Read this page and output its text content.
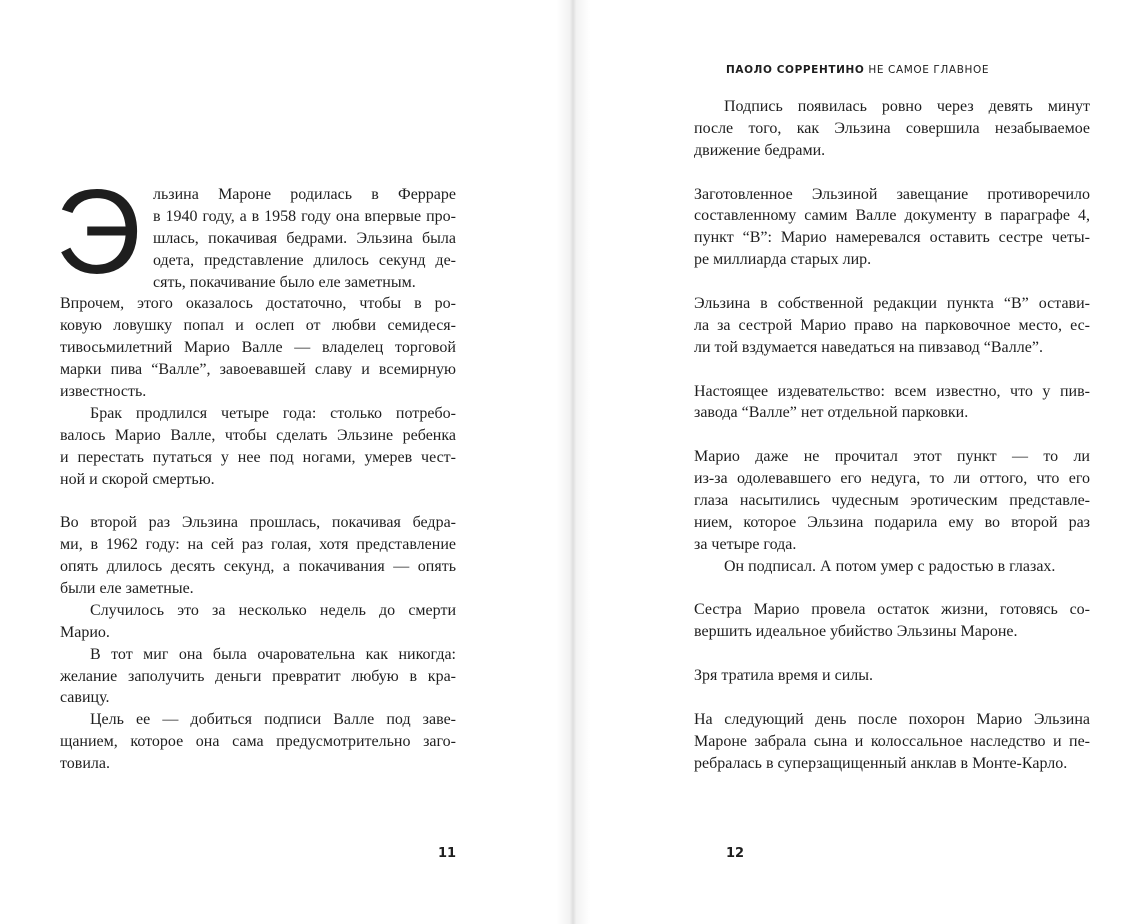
Э льзина Мароне родилась в Ферраре
в 1940 году, а в 1958 году она впервые про-
шлась, покачивая бедрами. Эльзина была
одета, представление длилось секунд де-
сять, покачивание было еле заметным.
Впрочем, этого оказалось достаточно, чтобы в ро-
ковую ловушку попал и ослеп от любви семидеся-
тивосьмилетний Марио Валле — владелец торговой
марки пива “Валле”, завоевавшей славу и всемирную
известность.
Брак продлился четыре года: столько потребо-
валось Марио Валле, чтобы сделать Эльзине ребенка
и перестать путаться у нее под ногами, умерев чест-
ной и скорой смертью.
Во второй раз Эльзина прошлась, покачивая бедра-
ми, в 1962 году: на сей раз голая, хотя представление
опять длилось десять секунд, а покачивания — опять
были еле заметные.
Случилось это за несколько недель до смерти
Марио.
В тот миг она была очаровательна как никогда:
желание заполучить деньги превратит любую в кра-
савицу.
Цель ее — добиться подписи Валле под заве-
щанием, которое она сама предусмотрительно заго-
товила.
11
ПАОЛО СОРРЕНТИНО НЕ САМОЕ ГЛАВНОЕ
Подпись появилась ровно через девять минут
после того, как Эльзина совершила незабываемое
движение бедрами.
Заготовленное Эльзиной завещание противоречило
составленному самим Валле документу в параграфе 4,
пункт “В”: Марио намеревался оставить сестре четы-
ре миллиарда старых лир.
Эльзина в собственной редакции пункта “В” остави-
ла за сестрой Марио право на парковочное место, ес-
ли той вздумается наведаться на пивзавод “Валле”.
Настоящее издевательство: всем известно, что у пив-
завода “Валле” нет отдельной парковки.
Марио даже не прочитал этот пункт — то ли
из-за одолевавшего его недуга, то ли оттого, что его
глаза насытились чудесным эротическим представле-
нием, которое Эльзина подарила ему во второй раз
за четыре года.
Он подписал. А потом умер с радостью в глазах.
Сестра Марио провела остаток жизни, готовясь со-
вершить идеальное убийство Эльзины Мароне.
Зря тратила время и силы.
На следующий день после похорон Марио Эльзина
Мароне забрала сына и колоссальное наследство и пе-
ребралась в суперзащищенный анклав в Монте-Карло.
12
